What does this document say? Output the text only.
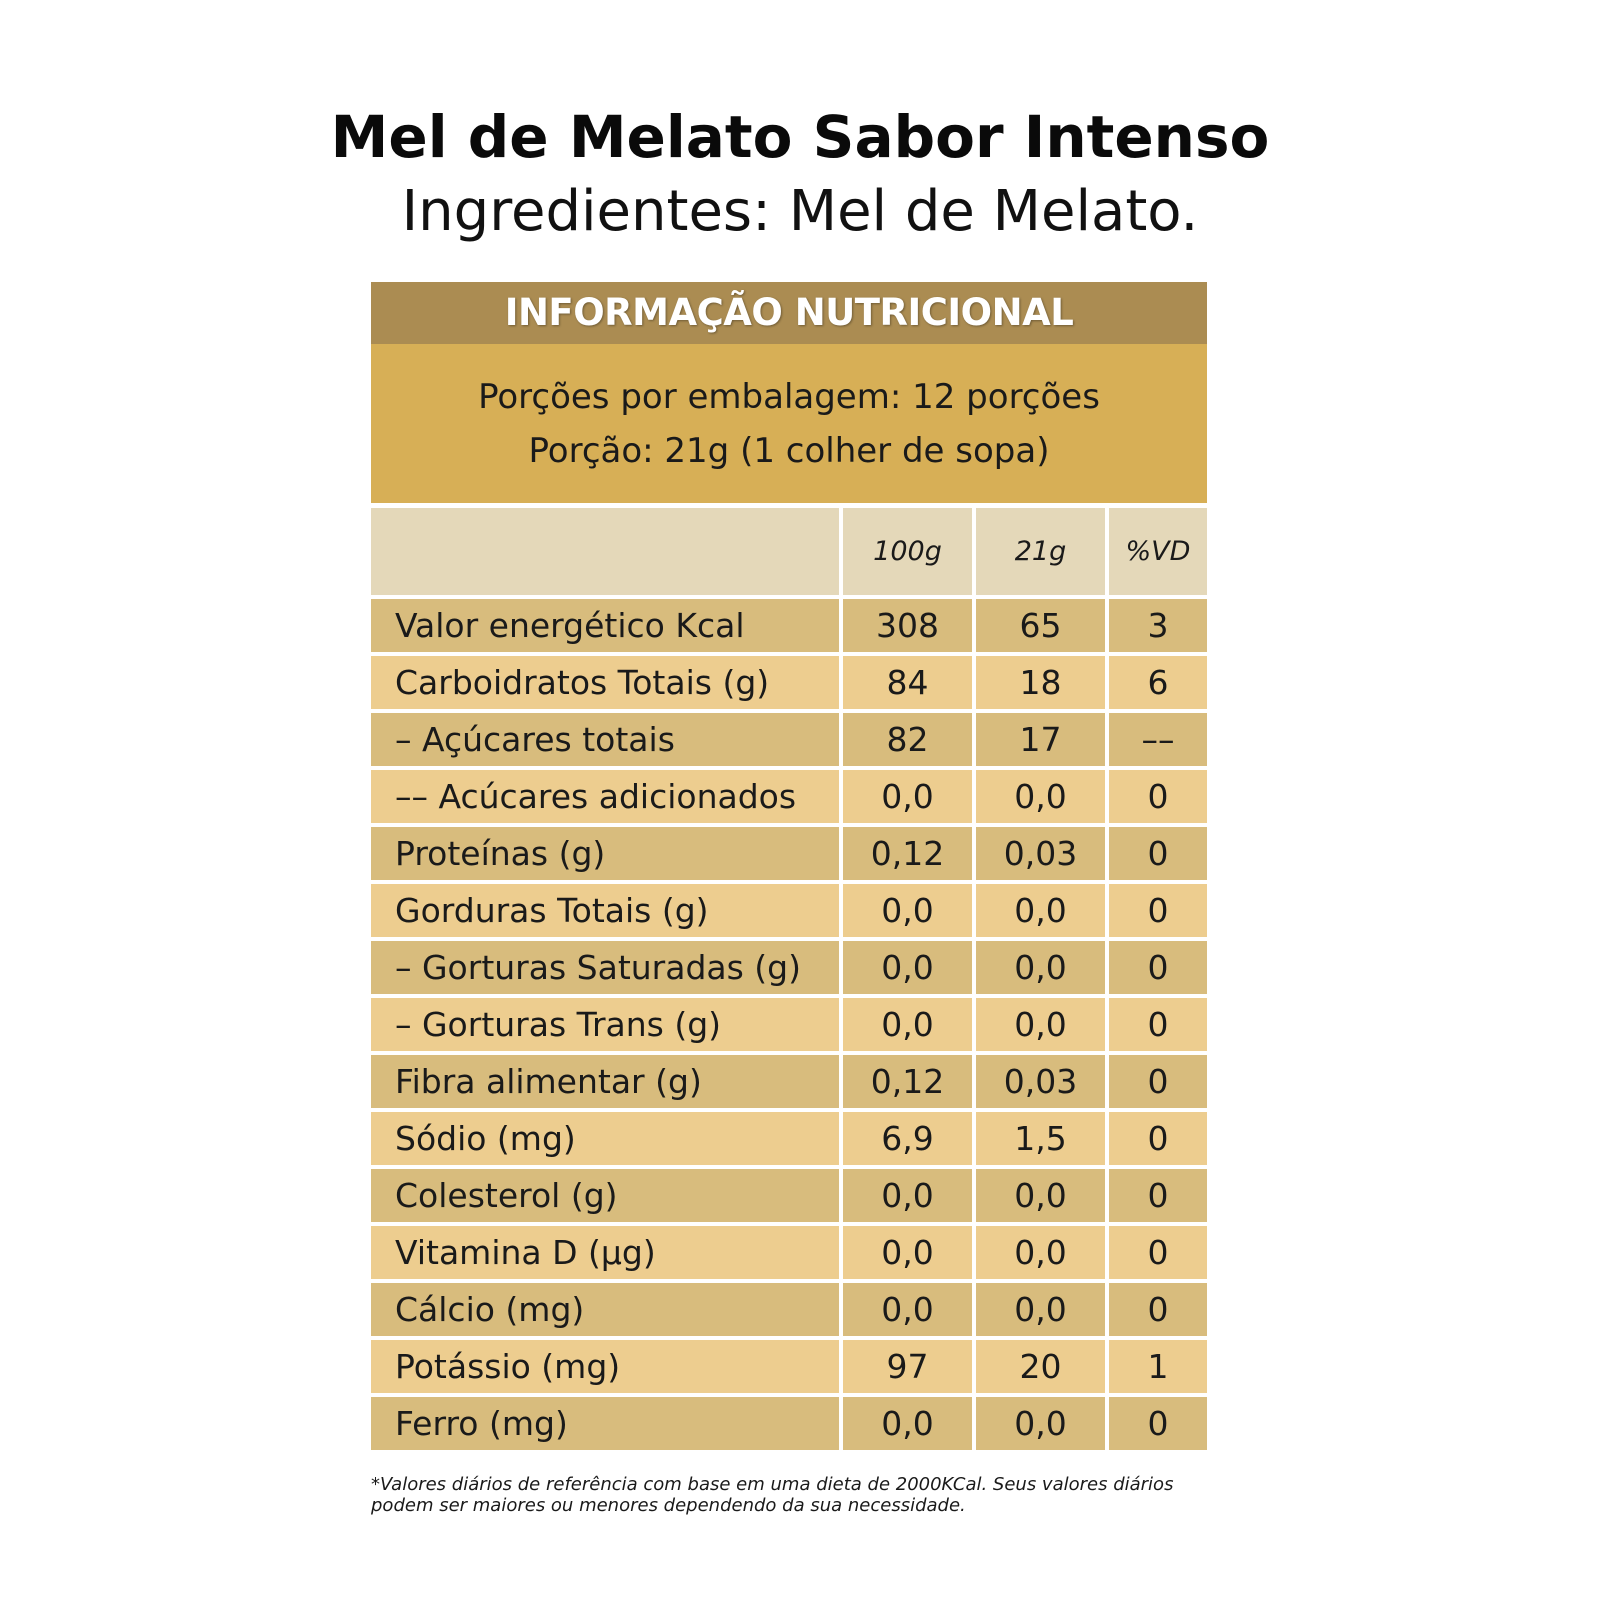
Mel de Melato Sabor Intenso
Ingredientes: Mel de Melato.
INFORMAÇÃO NUTRICIONAL
Porções por embalagem: 12 porções
Porção: 21g (1 colher de sopa)
	100g	21g	%VD
Valor energético Kcal	308	65	3
Carboidratos Totais (g)	84	18	6
– Açúcares totais	82	17	––
–– Acúcares adicionados	0,0	0,0	0
Proteínas (g)	0,12	0,03	0
Gorduras Totais (g)	0,0	0,0	0
– Gorturas Saturadas (g)	0,0	0,0	0
– Gorturas Trans (g)	0,0	0,0	0
Fibra alimentar (g)	0,12	0,03	0
Sódio (mg)	6,9	1,5	0
Colesterol (g)	0,0	0,0	0
Vitamina D (µg)	0,0	0,0	0
Cálcio (mg)	0,0	0,0	0
Potássio (mg)	97	20	1
Ferro (mg)	0,0	0,0	0
*Valores diários de referência com base em uma dieta de 2000KCal. Seus valores diários podem ser maiores ou menores dependendo da sua necessidade.
